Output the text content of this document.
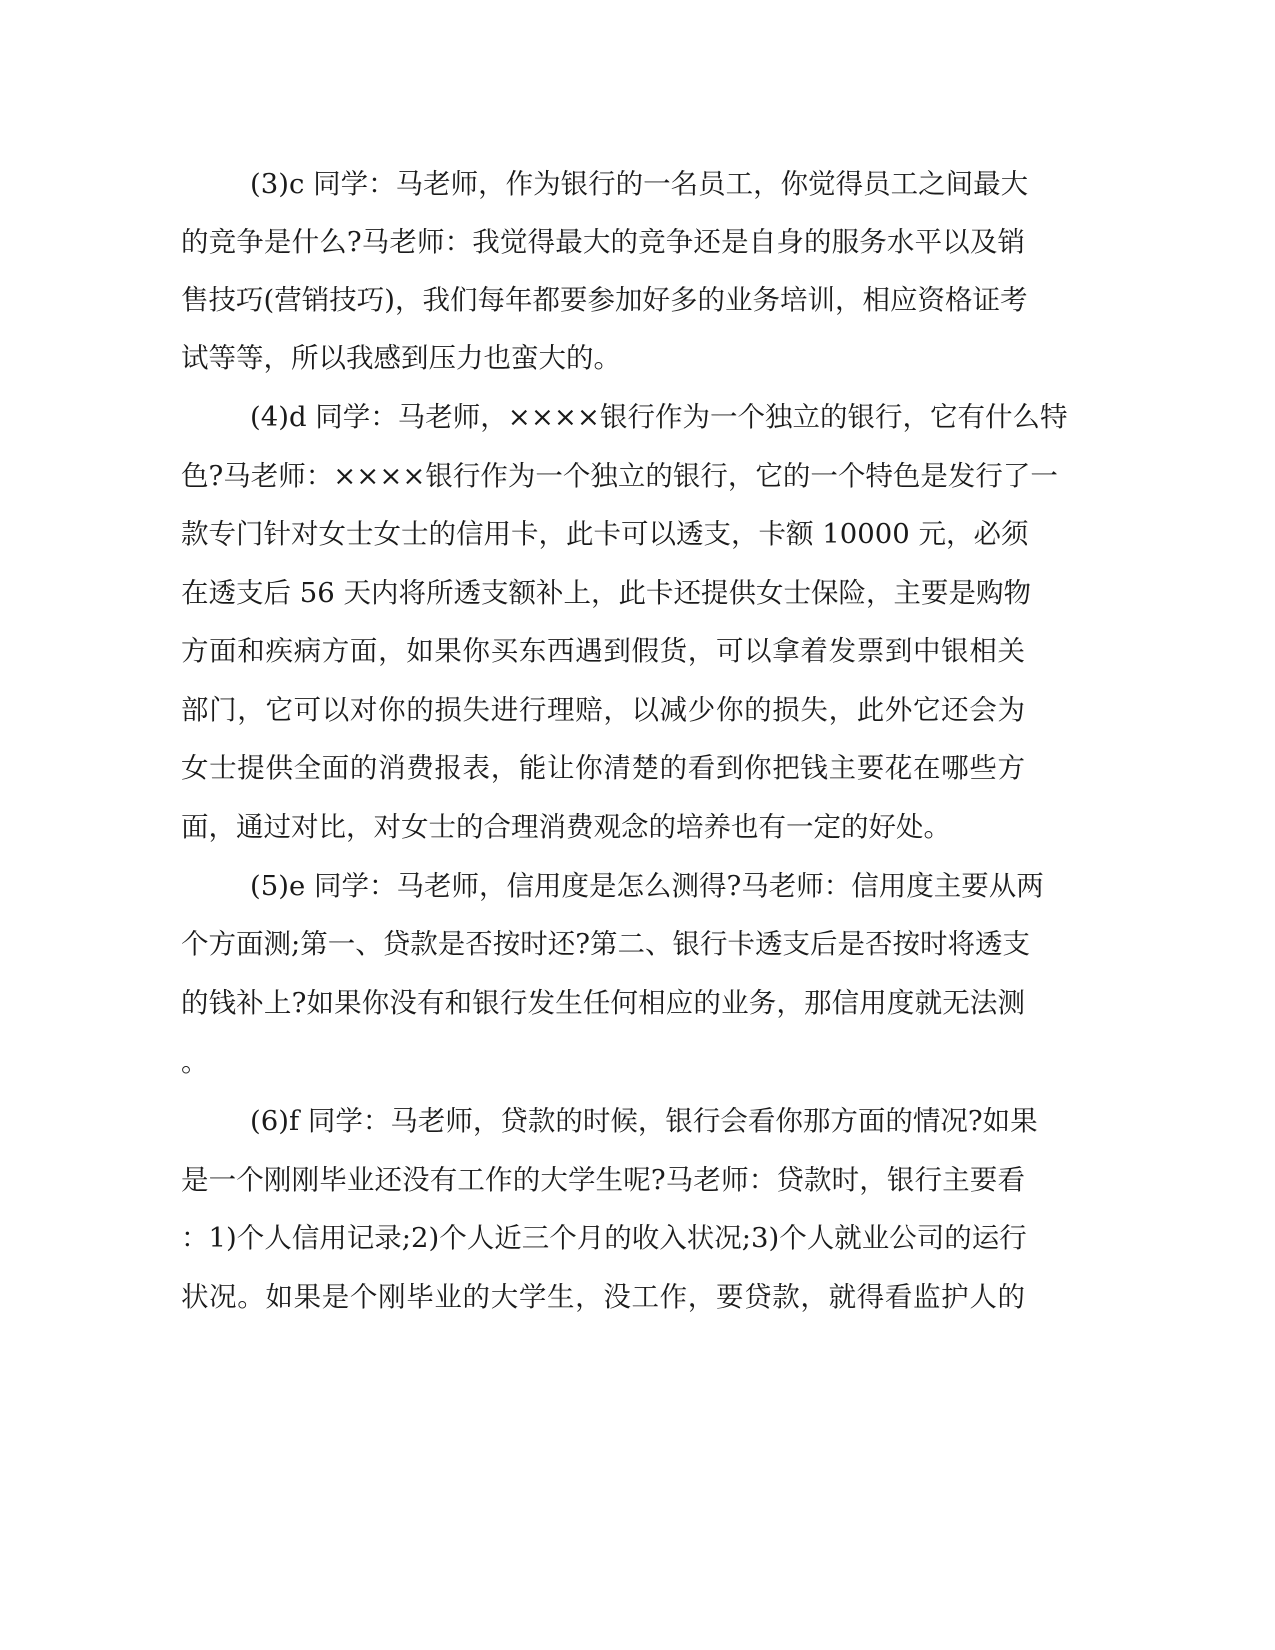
(3)c 同学：马老师，作为银行的一名员工，你觉得员工之间最大
的竞争是什么?马老师：我觉得最大的竞争还是自身的服务水平以及销
售技巧(营销技巧)，我们每年都要参加好多的业务培训，相应资格证考
试等等，所以我感到压力也蛮大的。
(4)d 同学：马老师，××××银行作为一个独立的银行，它有什么特
色?马老师：××××银行作为一个独立的银行，它的一个特色是发行了一
款专门针对女士女士的信用卡，此卡可以透支，卡额 10000 元，必须
在透支后 56 天内将所透支额补上，此卡还提供女士保险，主要是购物
方面和疾病方面，如果你买东西遇到假货，可以拿着发票到中银相关
部门，它可以对你的损失进行理赔，以减少你的损失，此外它还会为
女士提供全面的消费报表，能让你清楚的看到你把钱主要花在哪些方
面，通过对比，对女士的合理消费观念的培养也有一定的好处。
(5)e 同学：马老师，信用度是怎么测得?马老师：信用度主要从两
个方面测;第一、贷款是否按时还?第二、银行卡透支后是否按时将透支
的钱补上?如果你没有和银行发生任何相应的业务，那信用度就无法测
。
(6)f 同学：马老师，贷款的时候，银行会看你那方面的情况?如果
是一个刚刚毕业还没有工作的大学生呢?马老师：贷款时，银行主要看
：1)个人信用记录;2)个人近三个月的收入状况;3)个人就业公司的运行
状况。如果是个刚毕业的大学生，没工作，要贷款，就得看监护人的
